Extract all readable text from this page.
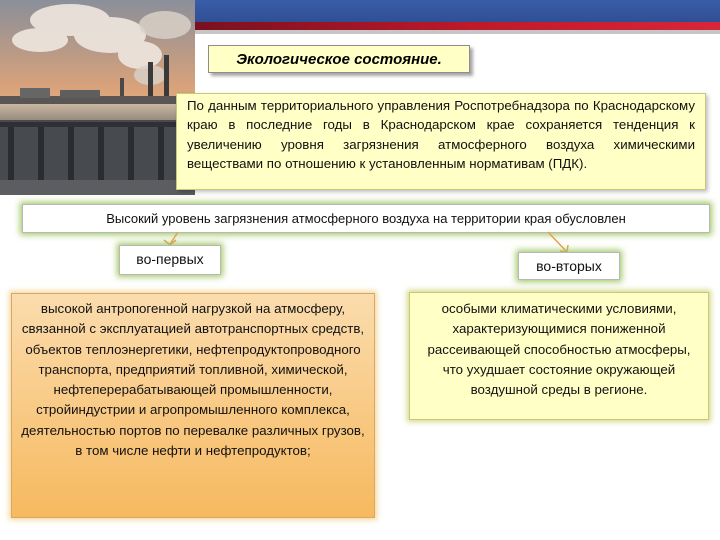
Экологическое состояние.
По данным территориального управления Роспотребнадзора по Краснодарскому краю в последние годы в Краснодарском крае сохраняется тенденция к увеличению уровня загрязнения атмосферного воздуха химическими веществами по отношению к установленным нормативам (ПДК).
Высокий уровень загрязнения атмосферного воздуха на территории края обусловлен
во-первых	во-вторых
высокой антропогенной нагрузкой на атмосферу, связанной с эксплуатацией автотранспортных средств, объектов теплоэнергетики, нефтепродуктопроводного транспорта, предприятий топливной, химической, нефтеперерабатывающей промышленности, стройиндустрии и агропромышленного комплекса, деятельностью портов по перевалке различных грузов, в том числе нефти и нефтепродуктов;
особыми климатическими условиями, характеризующимися пониженной рассеивающей способностью атмосферы, что ухудшает состояние окружающей воздушной среды в регионе.
